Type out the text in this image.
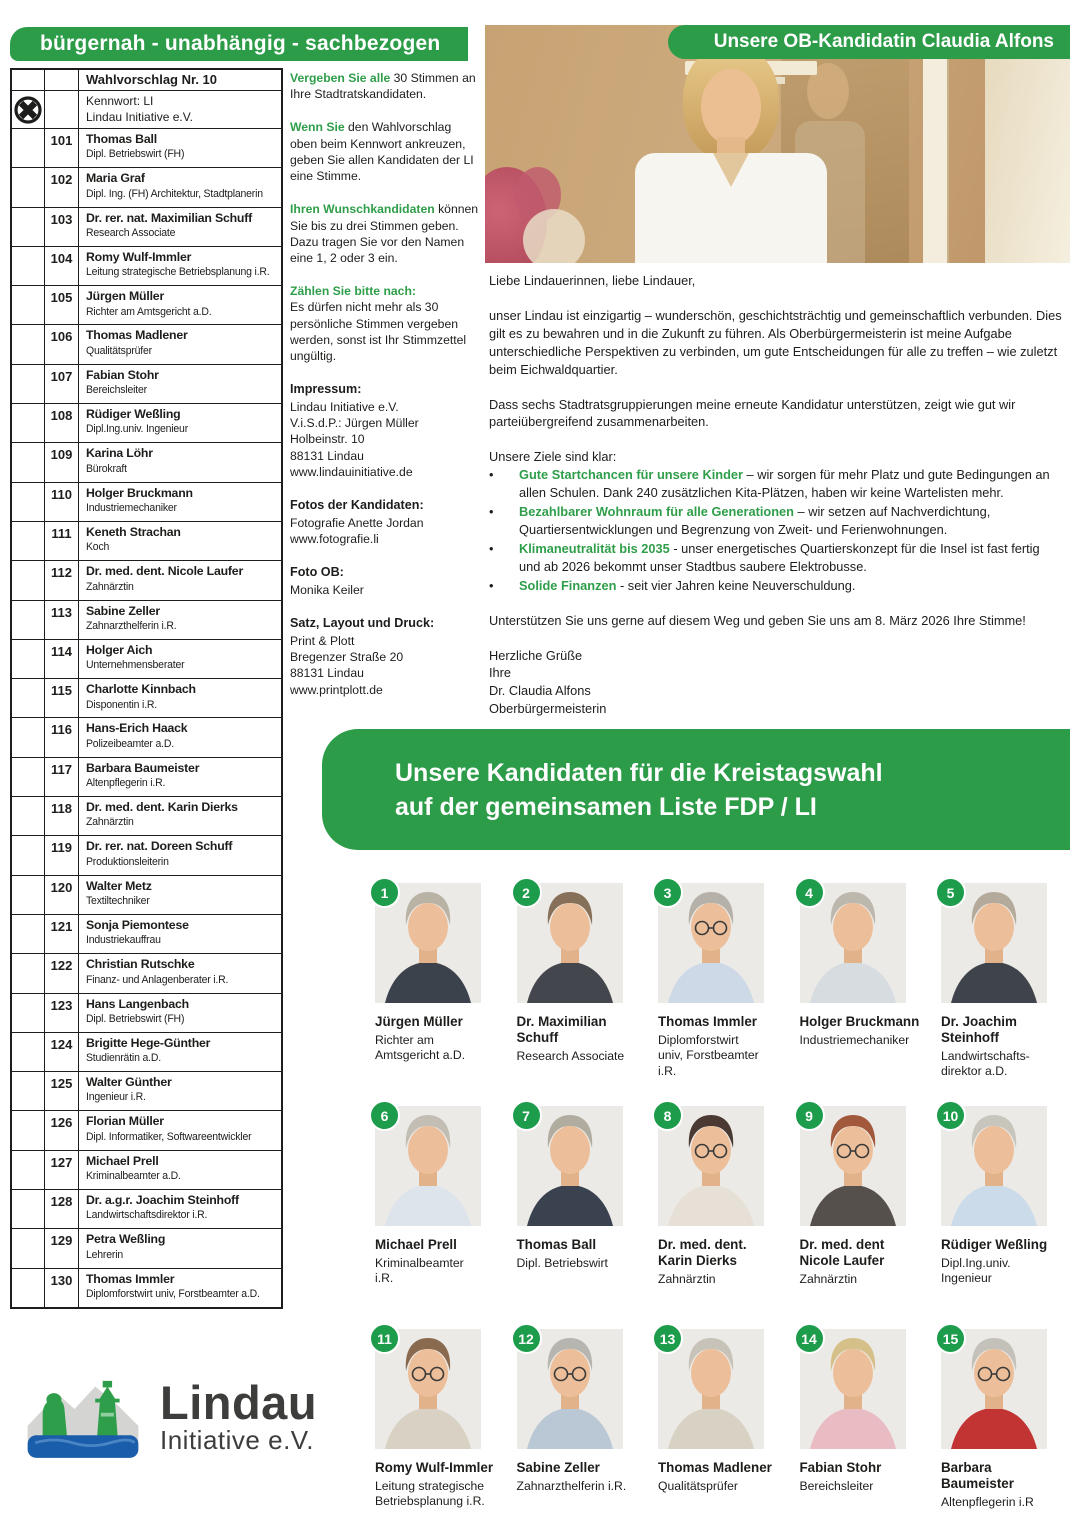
bürgernah - unabhängig - sachbezogen	Unsere OB-Kandidatin Claudia Alfons
Wahlvorschlag Nr. 10
Kennwort: LI
Lindau Initiative e.V.
101	Thomas Ball
Dipl. Betriebswirt (FH)
102	Maria Graf
Dipl. Ing. (FH) Architektur, Stadtplanerin
103	Dr. rer. nat. Maximilian Schuff
Research Associate
104	Romy Wulf-Immler
Leitung strategische Betriebsplanung i.R.
105	Jürgen Müller
Richter am Amtsgericht a.D.
106	Thomas Madlener
Qualitätsprüfer
107	Fabian Stohr
Bereichsleiter
108	Rüdiger Weßling
Dipl.Ing.univ. Ingenieur
109	Karina Löhr
Bürokraft
110	Holger Bruckmann
Industriemechaniker
111	Keneth Strachan
Koch
112	Dr. med. dent. Nicole Laufer
Zahnärztin
113	Sabine Zeller
Zahnarzthelferin i.R.
114	Holger Aich
Unternehmensberater
115	Charlotte Kinnbach
Disponentin i.R.
116	Hans-Erich Haack
Polizeibeamter a.D.
117	Barbara Baumeister
Altenpflegerin i.R.
118	Dr. med. dent. Karin Dierks
Zahnärztin
119	Dr. rer. nat. Doreen Schuff
Produktionsleiterin
120	Walter Metz
Textiltechniker
121	Sonja Piemontese
Industriekauffrau
122	Christian Rutschke
Finanz- und Anlagenberater i.R.
123	Hans Langenbach
Dipl. Betriebswirt (FH)
124	Brigitte Hege-Günther
Studienrätin a.D.
125	Walter Günther
Ingenieur i.R.
126	Florian Müller
Dipl. Informatiker, Softwareentwickler
127	Michael Prell
Kriminalbeamter a.D.
128	Dr. a.g.r. Joachim Steinhoff
Landwirtschaftsdirektor i.R.
129	Petra Weßling
Lehrerin
130	Thomas Immler
Diplomforstwirt univ, Forstbeamter a.D.

Vergeben Sie alle 30 Stimmen an Ihre Stadtratskandidaten.

Wenn Sie den Wahlvorschlag oben beim Kennwort ankreuzen, geben Sie allen Kandidaten der LI eine Stimme.

Ihren Wunschkandidaten können Sie bis zu drei Stimmen geben.
Dazu tragen Sie vor den Namen eine 1, 2 oder 3 ein.

Zählen Sie bitte nach:
Es dürfen nicht mehr als 30 persönliche Stimmen vergeben werden, sonst ist Ihr Stimmzettel ungültig.

Impressum:
Lindau Initiative e.V.
V.i.S.d.P.: Jürgen Müller
Holbeinstr. 10
88131 Lindau
www.lindauinitiative.de
Fotos der Kandidaten:
Fotografie Anette Jordan
www.fotografie.li
Foto OB:
Monika Keiler
Satz, Layout und Druck:
Print & Plott
Bregenzer Straße 20
88131 Lindau
www.printplott.de

Liebe Lindauerinnen, liebe Lindauer,

unser Lindau ist einzigartig – wunderschön, geschichtsträchtig und gemeinschaftlich verbunden. Dies gilt es zu bewahren und in die Zukunft zu führen. Als Oberbürgermeisterin ist meine Aufgabe unterschiedliche Perspektiven zu verbinden, um gute Entscheidungen für alle zu treffen – wie zuletzt beim Eichwaldquartier.

Dass sechs Stadtratsgruppierungen meine erneute Kandidatur unterstützen, zeigt wie gut wir parteiübergreifend zusammenarbeiten.

Unsere Ziele sind klar:
•	Gute Startchancen für unsere Kinder – wir sorgen für mehr Platz und gute Bedingungen an allen Schulen. Dank 240 zusätzlichen Kita-Plätzen, haben wir keine Wartelisten mehr.
•	Bezahlbarer Wohnraum für alle Generationen – wir setzen auf Nachverdichtung, Quartiersentwicklungen und Begrenzung von Zweit- und Ferienwohnungen.
•	Klimaneutralität bis 2035 - unser energetisches Quartierskonzept für die Insel ist fast fertig und ab 2026 bekommt unser Stadtbus saubere Elektrobusse.
•	Solide Finanzen - seit vier Jahren keine Neuverschuldung.

Unterstützen Sie uns gerne auf diesem Weg und geben Sie uns am 8. März 2026 Ihre Stimme!

Herzliche Grüße
Ihre
Dr. Claudia Alfons
Oberbürgermeisterin
Unsere Kandidaten für die Kreistagswahl
auf der gemeinsamen Liste FDP / LI
1
Jürgen Müller
Richter am
Amtsgericht a.D.
2
Dr. Maximilian
Schuff
Research Associate
3
Thomas Immler
Diplomforstwirt
univ, Forstbeamter
i.R.
4
Holger Bruckmann
Industriemechaniker
5
Dr. Joachim
Steinhoff
Landwirtschafts-
direktor a.D.
6
Michael Prell
Kriminalbeamter
i.R.
7
Thomas Ball
Dipl. Betriebswirt
8
Dr. med. dent.
Karin Dierks
Zahnärztin
9
Dr. med. dent
Nicole Laufer
Zahnärztin
10
Rüdiger Weßling
Dipl.Ing.univ.
Ingenieur
11
Romy Wulf-Immler
Leitung strategische
Betriebsplanung i.R.
12
Sabine Zeller
Zahnarzthelferin i.R.
13
Thomas Madlener
Qualitätsprüfer
14
Fabian Stohr
Bereichsleiter
15
Barbara
Baumeister
Altenpflegerin i.R
Lindau
Initiative e.V.
